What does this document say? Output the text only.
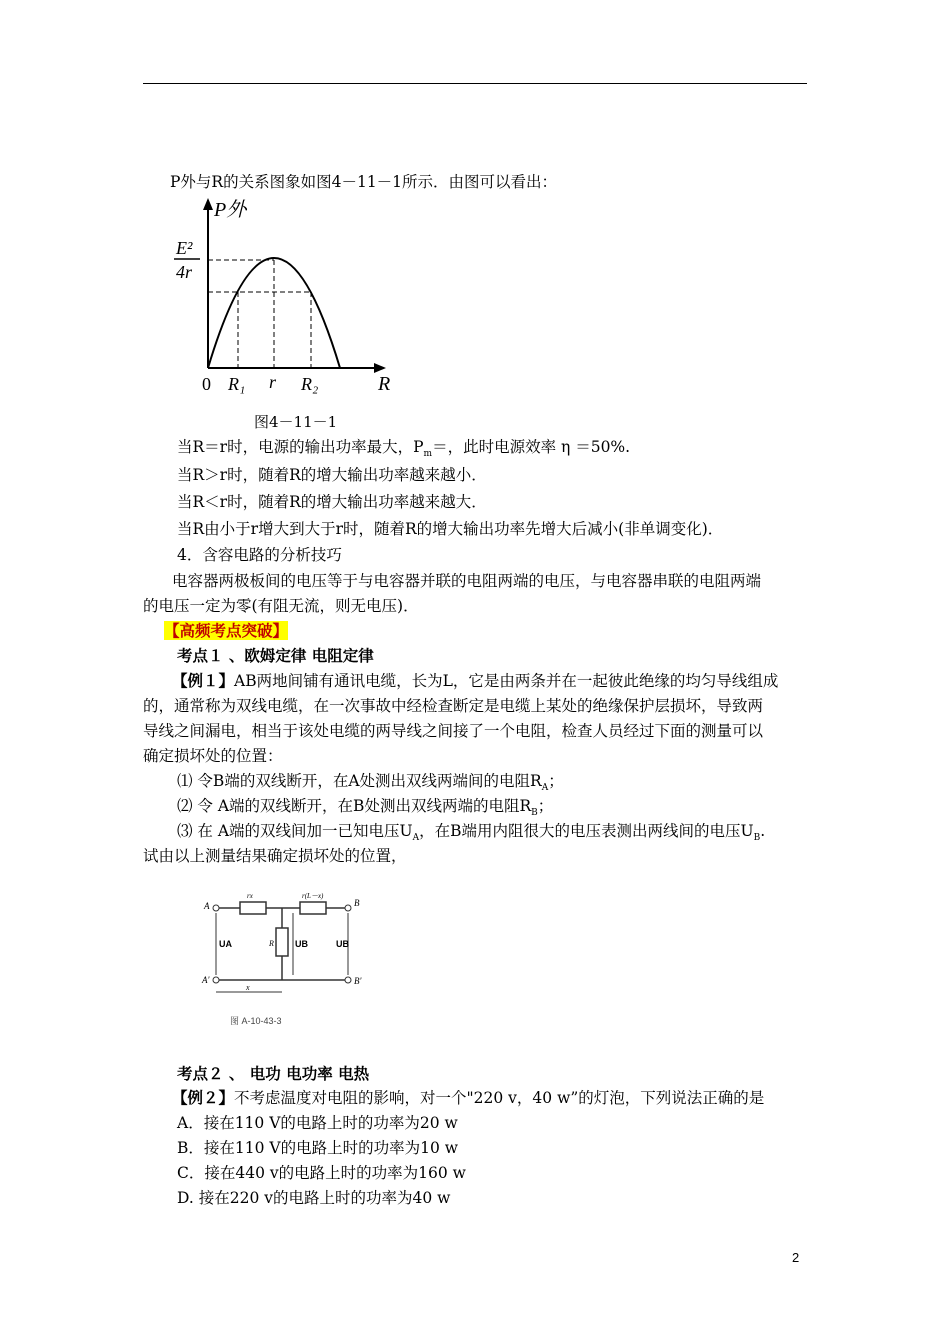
P外与R的关系图象如图4－11－1所示．由图可以看出：
P外
E²
4r
0 R₁ r R₂	R
图4－11－1
当R＝r时，电源的输出功率最大，$P_m=$，此时电源效率 η ＝50%.
当R＞r时，随着R的增大输出功率越来越小．
当R＜r时，随着R的增大输出功率越来越大．
当R由小于r增大到大于r时，随着R的增大输出功率先增大后减小(非单调变化)．
4．含容电路的分析技巧
电容器两极板间的电压等于与电容器并联的电阻两端的电压，与电容器串联的电阻两端
的电压一定为零(有阻无流，则无电压)．
【高频考点突破】
考点１ 、欧姆定律 电阻定律
【例１】AB两地间铺有通讯电缆，长为L，它是由两条并在一起彼此绝缘的均匀导线组成
的，通常称为双线电缆，在一次事故中经检查断定是电缆上某处的绝缘保护层损坏，导致两
导线之间漏电，相当于该处电缆的两导线之间接了一个电阻，检查人员经过下面的测量可以
确定损坏处的位置：
⑴ 令B端的双线断开，在A处测出双线两端间的电阻$R_A$；
⑵ 令 A端的双线断开，在B处测出双线两端的电阻$R_B$；
⑶ 在 A端的双线间加一已知电压$U_A$，在B端用内阻很大的电压表测出两线间的电压$U_B$.
试由以上测量结果确定损坏处的位置，
A
A'
B
B'
rx	r(L－x)
UA	R UB	UB
x
图 A-10-43-3
考点２ 、 电功 电功率 电热
【例２】不考虑温度对电阻的影响，对一个"220 v，40 w”的灯泡，下列说法正确的是
A．接在110 V的电路上时的功率为20 w
B．接在110 V的电路上时的功率为10 w
C．接在440 v的电路上时的功率为160 w
D. 接在220 v的电路上时的功率为40 w
2
